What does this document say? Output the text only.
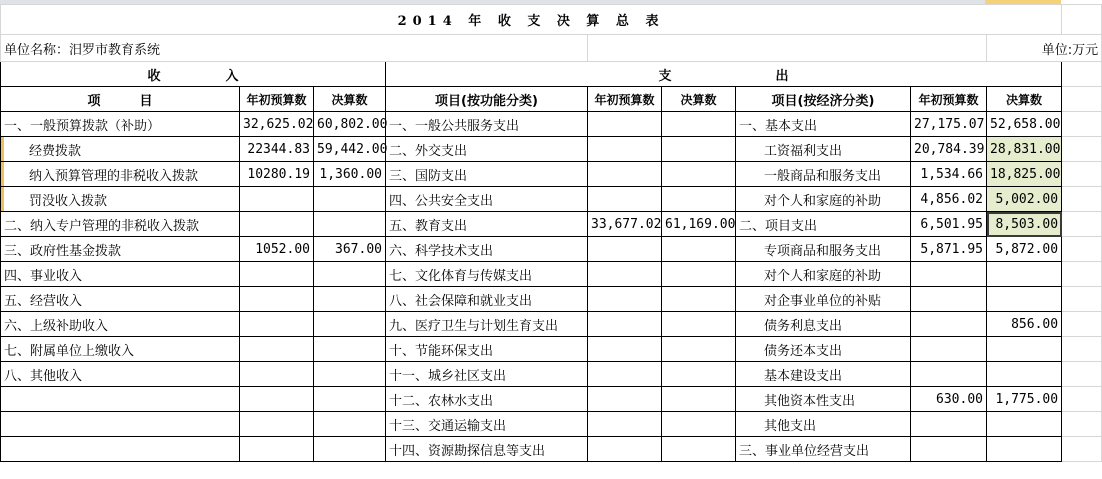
2014 年 收 支 决 算 总 表									
单位名称：汨罗市教育系统								单位:万元	
收　　　　　入			支　　　　　　　　出						
项　　　目	年初预算数	决算数	项目(按功能分类)	年初预算数	决算数	项目(按经济分类)	年初预算数	决算数	
一、一般预算拨款（补助）	32,625.02	60,802.00	一、一般公共服务支出			一、基本支出	27,175.07	52,658.00	
经费拨款	22344.83	59,442.00	二、外交支出			工资福利支出	20,784.39	28,831.00	
纳入预算管理的非税收入拨款	10280.19	1,360.00	三、国防支出			一般商品和服务支出	1,534.66	18,825.00	
罚没收入拨款			四、公共安全支出			对个人和家庭的补助	4,856.02	5,002.00	
二、纳入专户管理的非税收入拨款			五、教育支出	33,677.02	61,169.00	二、项目支出	6,501.95	8,503.00	
三、政府性基金拨款	1052.00	367.00	六、科学技术支出			专项商品和服务支出	5,871.95	5,872.00	
四、事业收入			七、文化体育与传媒支出			对个人和家庭的补助			
五、经营收入			八、社会保障和就业支出			对企事业单位的补贴			
六、上级补助收入			九、医疗卫生与计划生育支出			债务利息支出		856.00	
七、附属单位上缴收入			十、节能环保支出			债务还本支出			
八、其他收入			十一、城乡社区支出			基本建设支出			
			十二、农林水支出			其他资本性支出	630.00	1,775.00	
			十三、交通运输支出			其他支出			
			十四、资源勘探信息等支出			三、事业单位经营支出			
